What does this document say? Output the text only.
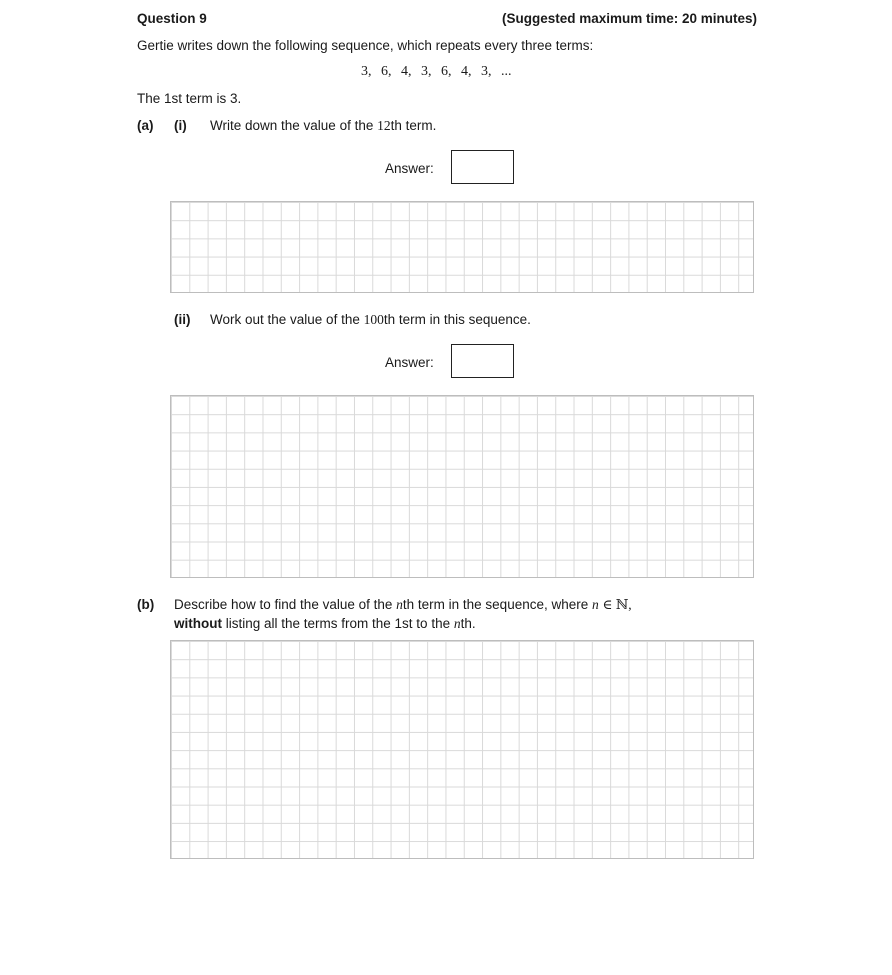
Question 9	(Suggested maximum time: 20 minutes)
Gertie writes down the following sequence, which repeats every three terms:
3, 6, 4, 3, 6, 4, 3, ...
The 1st term is 3.
(a) (i) Write down the value of the 12th term.
Answer:
(ii) Work out the value of the 100th term in this sequence.
Answer:
(b) Describe how to find the value of the nth term in the sequence, where n ∈ ℕ,
without listing all the terms from the 1st to the nth.
